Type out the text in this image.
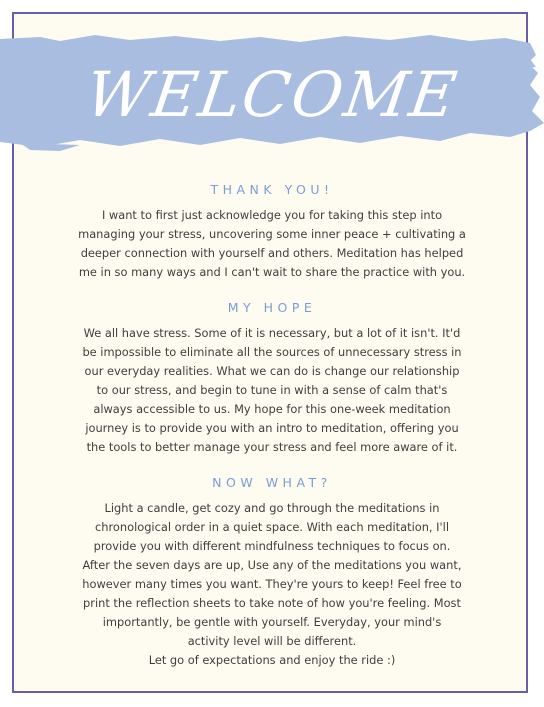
WELCOME
THANK YOU!

I want to first just acknowledge you for taking this step into
managing your stress, uncovering some inner peace + cultivating a
deeper connection with yourself and others. Meditation has helped
me in so many ways and I can't wait to share the practice with you.

MY HOPE

We all have stress. Some of it is necessary, but a lot of it isn't. It'd
be impossible to eliminate all the sources of unnecessary stress in
our everyday realities. What we can do is change our relationship
to our stress, and begin to tune in with a sense of calm that's
always accessible to us. My hope for this one-week meditation
journey is to provide you with an intro to meditation, offering you
the tools to better manage your stress and feel more aware of it.

NOW WHAT?

Light a candle, get cozy and go through the meditations in
chronological order in a quiet space. With each meditation, I'll
provide you with different mindfulness techniques to focus on.
After the seven days are up, Use any of the meditations you want,
however many times you want. They're yours to keep! Feel free to
print the reflection sheets to take note of how you're feeling. Most
importantly, be gentle with yourself. Everyday, your mind's
activity level will be different.
Let go of expectations and enjoy the ride :)
